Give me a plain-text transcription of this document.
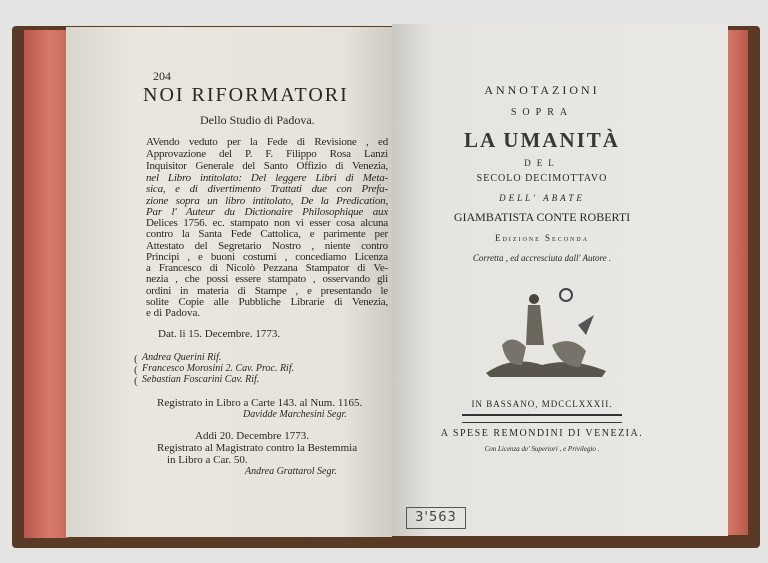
204
NOI RIFORMATORI
Dello Studio di Padova.
AVendo veduto per la Fede di Revisione , ed
Approvazione del P. F. Filippo Rosa Lanzi
Inquisitor Generale del Santo Offizio di Venezia,
nel Libro intitolato: Del leggere Libri di Meta-
sica, e di divertimento Trattati due con Prefa-
zione sopra un libro intitolato, De la Predication,
Par l' Auteur du Dictionaire Philosophique aux
Delices 1756. ec. stampato non vi esser cosa alcuna
contro la Santa Fede Cattolica, e parimente per
Attestato del Segretario Nostro , niente contro
Principi , e buoni costumi , concediamo Licenza
a Francesco di Nicolò Pezzana Stampator di Ve-
nezia , che possi essere stampato , osservando gli
ordini in materia di Stampe , e presentando le
solite Copie alle Pubbliche Librarie di Venezia,
e di Padova.
Dat. li 15. Decembre. 1773.
(
(
(
Andrea Querini Rif.
Francesco Morosini 2. Cav. Proc. Rif.
Sebastian Foscarini Cav. Rif.
Registrato in Libro a Carte 143. al Num. 1165.
Davidde Marchesini Segr.
Addi 20. Decembre 1773.
Registrato al Magistrato contro la Bestemmia
in Libro a Car. 50.
Andrea Grattarol Segr.
ANNOTAZIONI
SOPRA
LA UMANITÀ
DEL
SECOLO DECIMOTTAVO
DELL' ABATE
GIAMBATISTA CONTE ROBERTI
Edizione Seconda
Corretta , ed accresciuta dall' Autore .
IN BASSANO, MDCCLXXXII.
A SPESE REMONDINI DI VENEZIA.
Con Licenza de' Superiori , e Privilegio .
3'563
